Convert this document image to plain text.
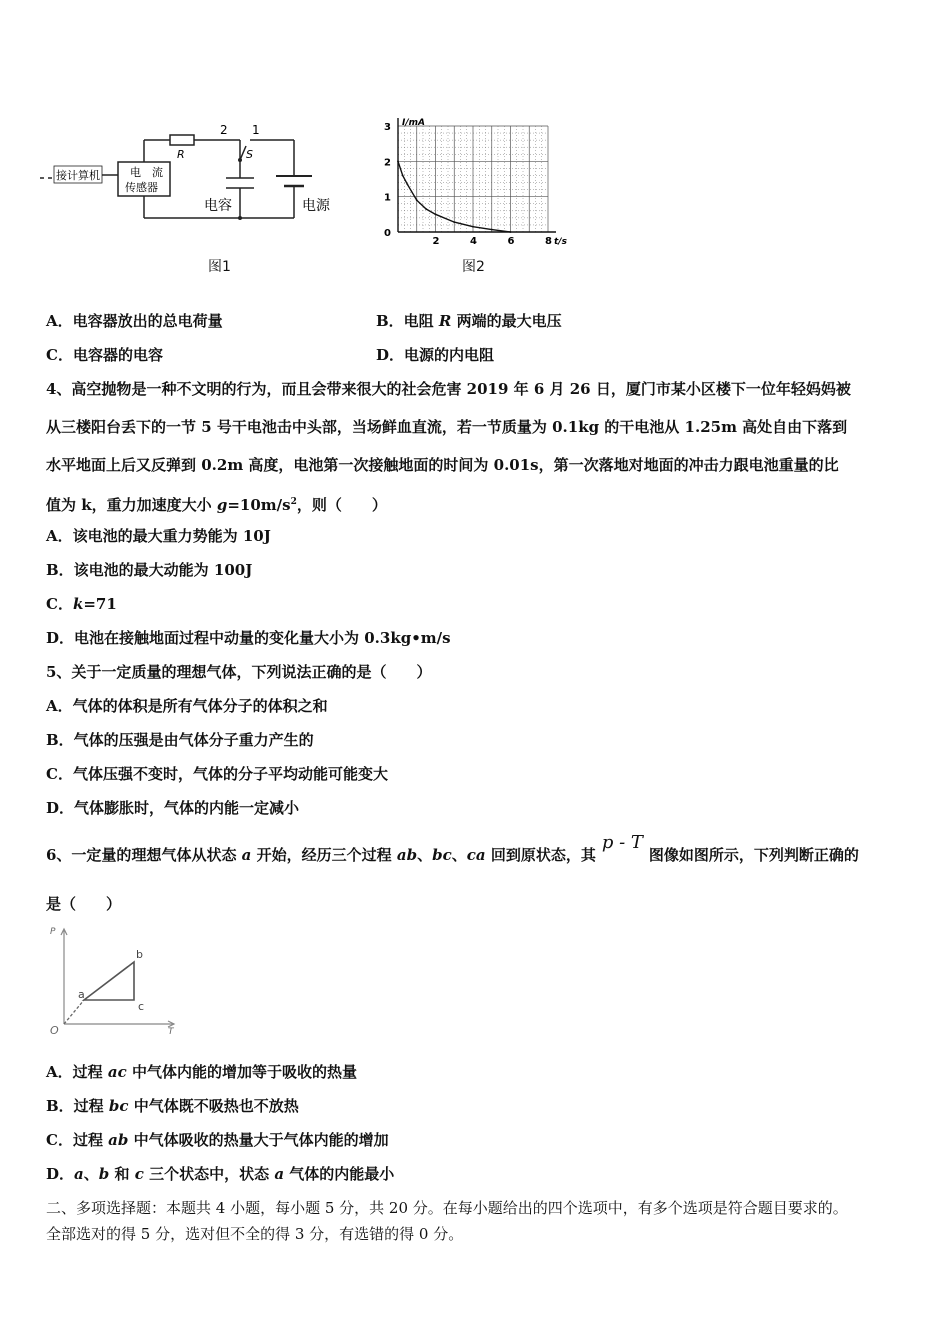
接计算机	电　流
传感器
R
2 1
S
电容	电源
图1
2	4	6	8
0
1
2
3 I/mA
t/s
图2
A．电容器放出的总电荷量	B．电阻 R 两端的最大电压
C．电容器的电容	D．电源的内电阻
4、高空抛物是一种不文明的行为，而且会带来很大的社会危害 2019 年 6 月 26 日，厦门市某小区楼下一位年轻妈妈被
从三楼阳台丢下的一节 5 号干电池击中头部，当场鲜血直流，若一节质量为 0.1kg 的干电池从 1.25m 高处自由下落到
水平地面上后又反弹到 0.2m 高度，电池第一次接触地面的时间为 0.01s，第一次落地对地面的冲击力跟电池重量的比
值为 k，重力加速度大小 $g=10m/s^2$，则（　　）
A．该电池的最大重力势能为 10J
B．该电池的最大动能为 100J
C．k=71
D．电池在接触地面过程中动量的变化量大小为 0.3kg•m/s
5、关于一定质量的理想气体，下列说法正确的是（　　）
A．气体的体积是所有气体分子的体积之和
B．气体的压强是由气体分子重力产生的
C．气体压强不变时，气体的分子平均动能可能变大
D．气体膨胀时，气体的内能一定减小
6、一定量的理想气体从状态 a 开始，经历三个过程 ab、bc、ca 回到原状态，其p - T图像如图所示，下列判断正确的
是（　　）
P
T
O
a
b
c
A．过程 ac 中气体内能的增加等于吸收的热量
B．过程 bc 中气体既不吸热也不放热
C．过程 ab 中气体吸收的热量大于气体内能的增加
D．a、b 和 c 三个状态中，状态 a 气体的内能最小
二、多项选择题：本题共 4 小题，每小题 5 分，共 20 分。在每小题给出的四个选项中，有多个选项是符合题目要求的。
全部选对的得 5 分，选对但不全的得 3 分，有选错的得 0 分。
